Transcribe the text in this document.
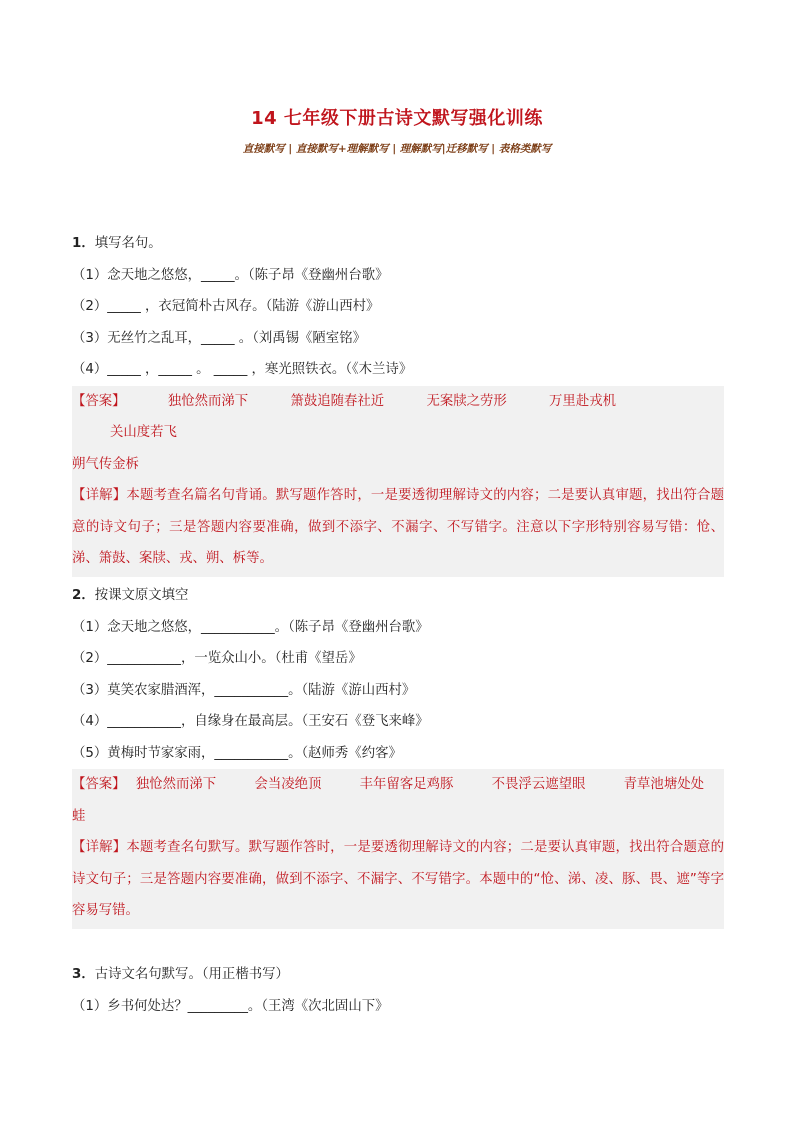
14 七年级下册古诗文默写强化训练
直接默写 | 直接默写+理解默写 | 理解默写|迁移默写 | 表格类默写
1．填写名句。
（1）念天地之悠悠，_____。（陈子昂《登幽州台歌》
（2）_____ ，衣冠简朴古风存。（陆游《游山西村》
（3）无丝竹之乱耳，_____ 。（刘禹锡《陋室铭》
（4）_____ ，_____ 。 _____ ，寒光照铁衣。（《木兰诗》
【答案】	独怆然而涕下	箫鼓追随春社近	无案牍之劳形	万里赴戎机 关山度若飞
朔气传金柝
【详解】本题考查名篇名句背诵。默写题作答时，一是要透彻理解诗文的内容；二是要认真审题，找出符合题意的诗文句子；三是答题内容要准确，做到不添字、不漏字、不写错字。注意以下字形特别容易写错：怆、涕、箫鼓、案牍、戎、朔、柝等。
2．按课文原文填空
（1）念天地之悠悠，___________。（陈子昂《登幽州台歌》
（2）___________，一览众山小。（杜甫《望岳》
（3）莫笑农家腊酒浑，___________。（陆游《游山西村》
（4）___________，自缘身在最高层。（王安石《登飞来峰》
（5）黄梅时节家家雨，___________。（赵师秀《约客》
【答案】 独怆然而涕下	会当凌绝顶	丰年留客足鸡豚	不畏浮云遮望眼	青草池塘处处
蛙
【详解】本题考查名句默写。默写题作答时，一是要透彻理解诗文的内容；二是要认真审题，找出符合题意的诗文句子；三是答题内容要准确，做到不添字、不漏字、不写错字。本题中的“怆、涕、凌、豚、畏、遮”等字容易写错。
3．古诗文名句默写。（用正楷书写）
（1）乡书何处达？_________。（王湾《次北固山下》
